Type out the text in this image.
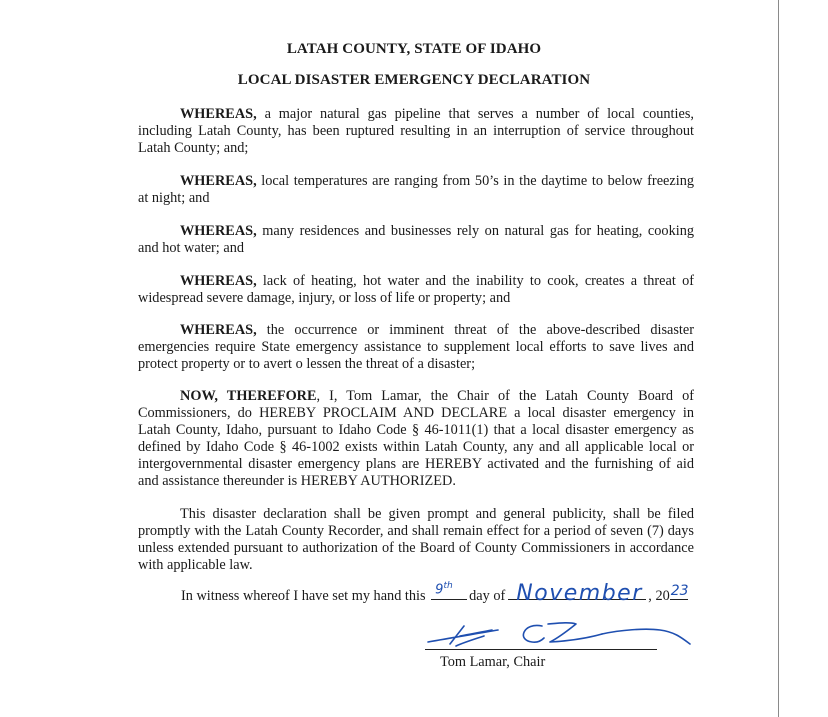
LATAH COUNTY, STATE OF IDAHO
LOCAL DISASTER EMERGENCY DECLARATION
WHEREAS, a major natural gas pipeline that serves a number of local counties, including Latah County, has been ruptured resulting in an interruption of service throughout Latah County; and;
WHEREAS, local temperatures are ranging from 50’s in the daytime to below freezing at night; and
WHEREAS, many residences and businesses rely on natural gas for heating, cooking and hot water; and
WHEREAS, lack of heating, hot water and the inability to cook, creates a threat of widespread severe damage, injury, or loss of life or property; and
WHEREAS, the occurrence or imminent threat of the above-described disaster emergencies require State emergency assistance to supplement local efforts to save lives and protect property or to avert o lessen the threat of a disaster;
NOW, THEREFORE, I, Tom Lamar, the Chair of the Latah County Board of Commissioners, do HEREBY PROCLAIM AND DECLARE a local disaster emergency in Latah County, Idaho, pursuant to Idaho Code § 46-1011(1) that a local disaster emergency as defined by Idaho Code § 46-1002 exists within Latah County, any and all applicable local or intergovernmental disaster emergency plans are HEREBY activated and the furnishing of aid and assistance thereunder is HEREBY AUTHORIZED.
This disaster declaration shall be given prompt and general publicity, shall be filed promptly with the Latah County Recorder, and shall remain effect for a period of seven (7) days unless extended pursuant to authorization of the Board of County Commissioners in accordance with applicable law.
In witness whereof I have set my hand this 9th
day of November , 20 23
Tom Lamar, Chair
